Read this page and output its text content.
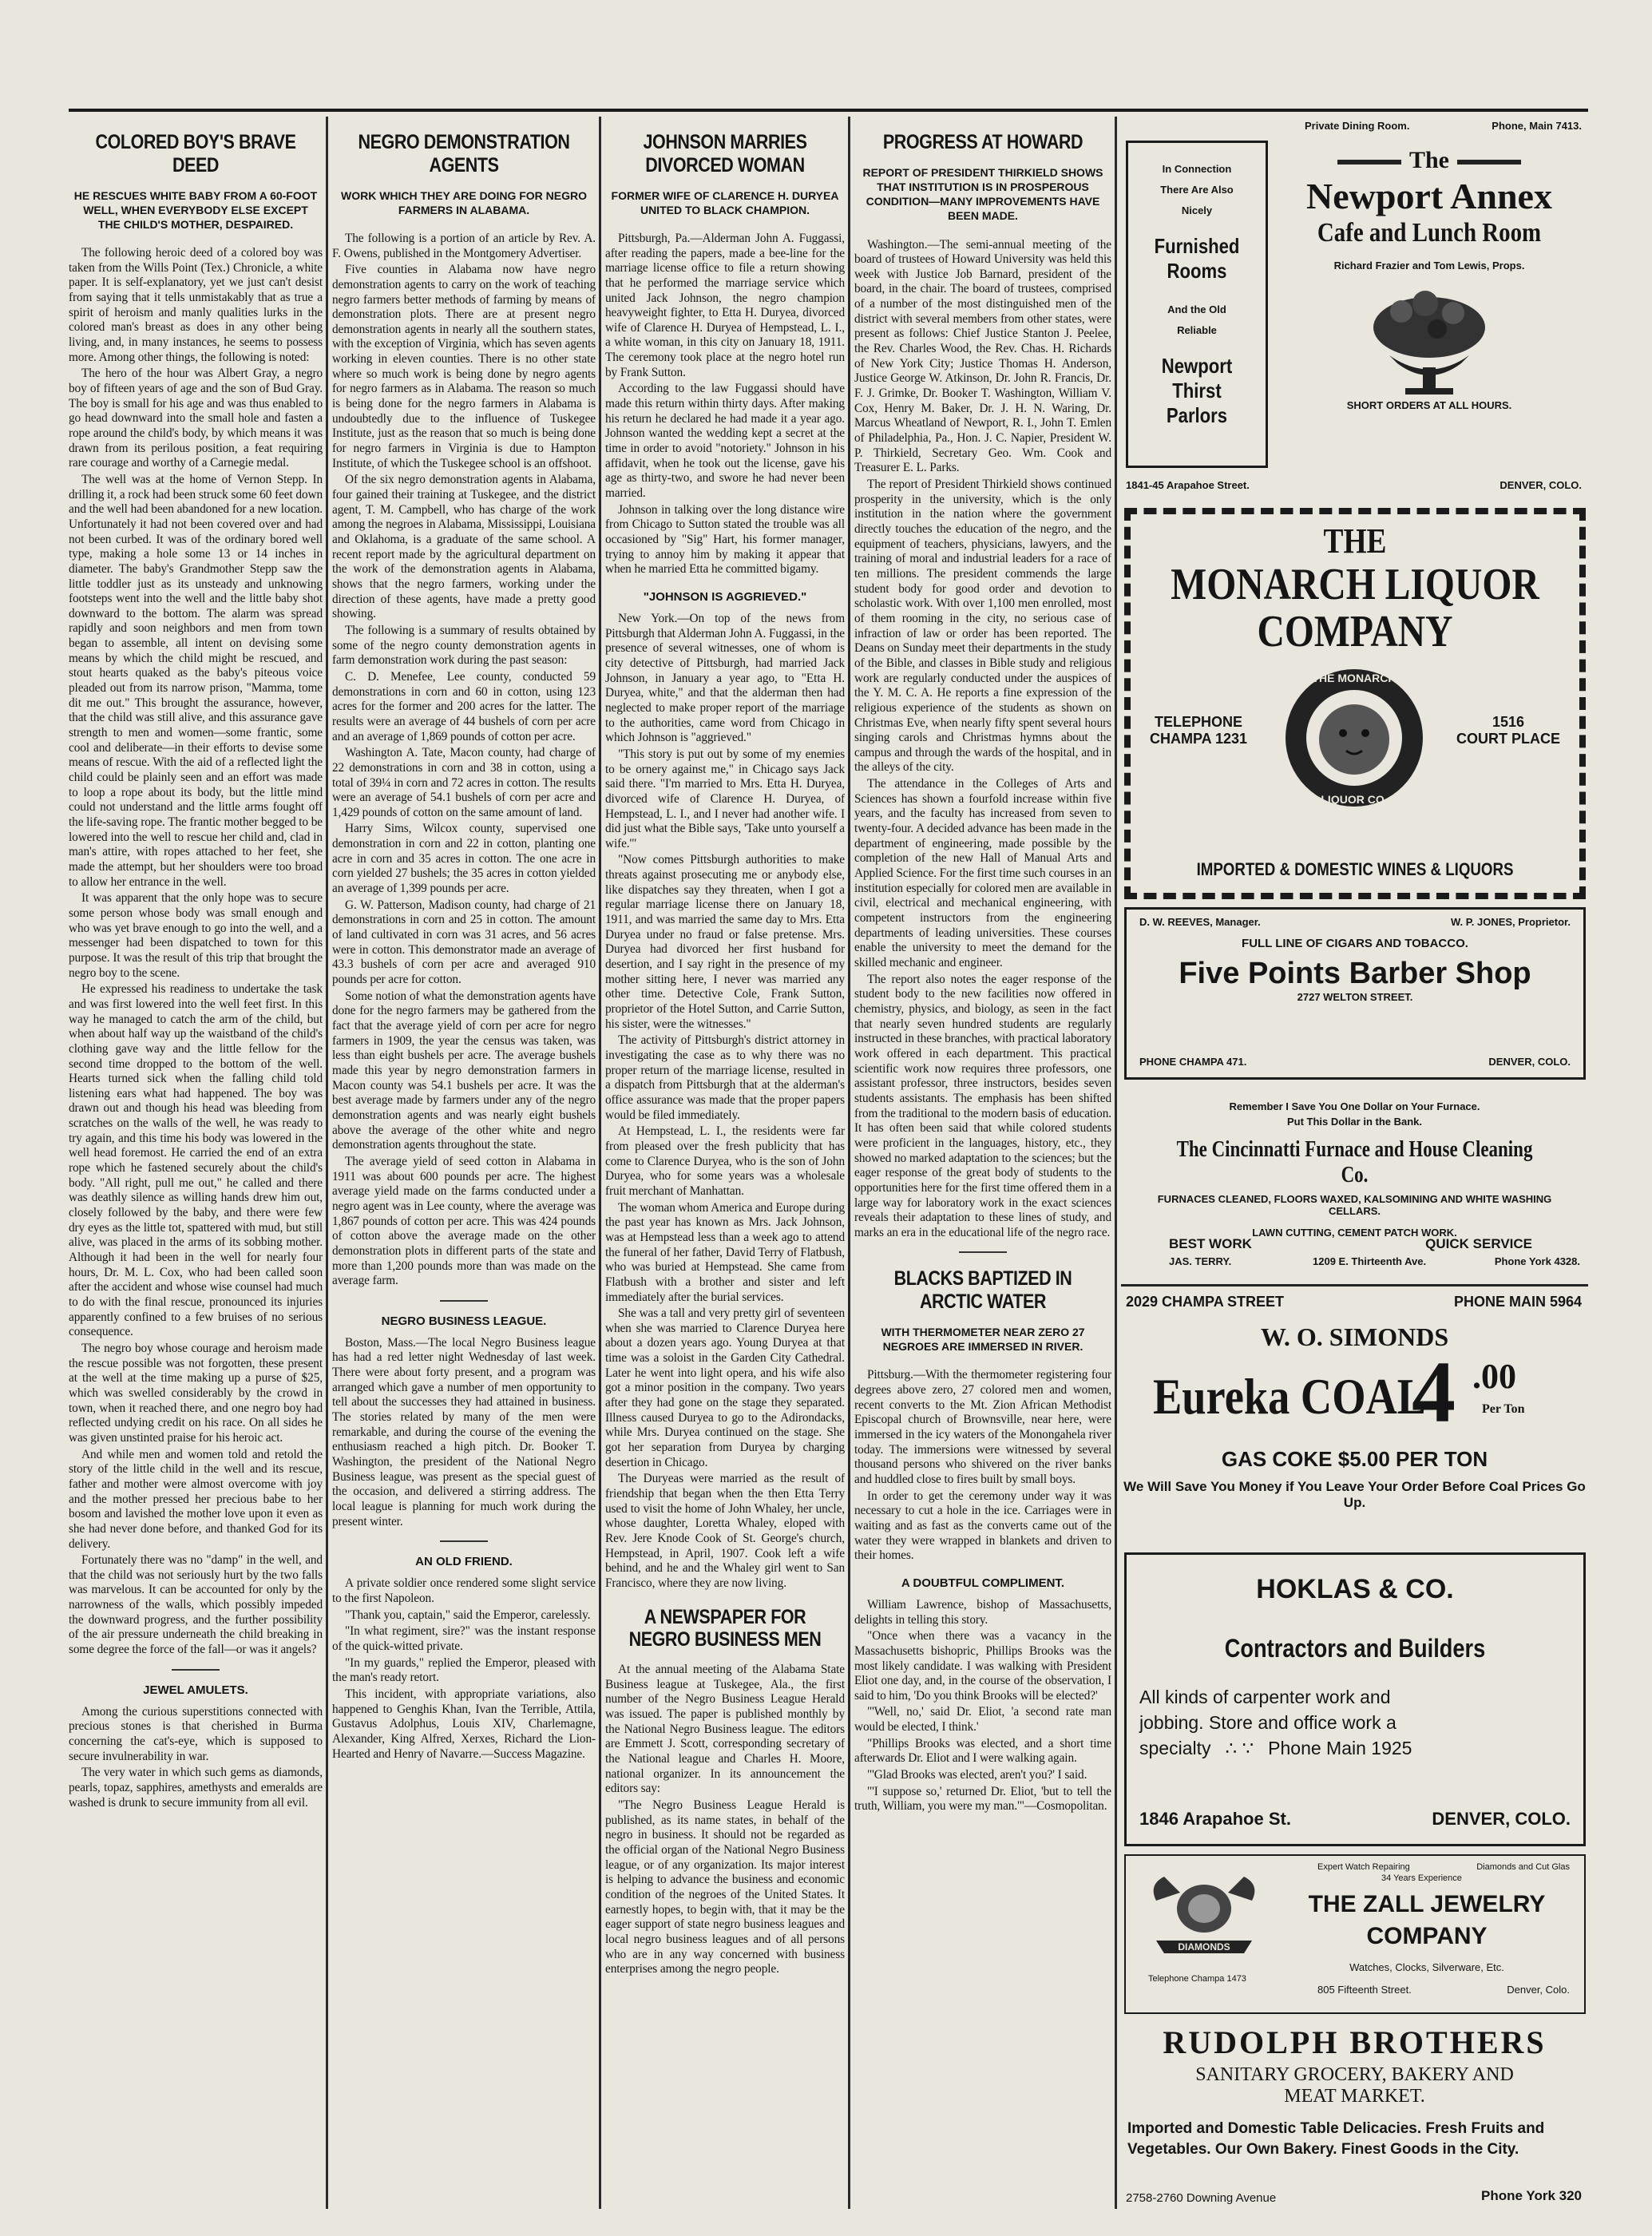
COLORED BOY'S BRAVE DEED
HE RESCUES WHITE BABY FROM A 60-FOOT WELL, WHEN EVERYBODY ELSE EXCEPT THE CHILD'S MOTHER, DESPAIRED.

The following heroic deed of a colored boy was taken from the Wills Point (Tex.) Chronicle, a white paper. It is self-explanatory, yet we just can't desist from saying that it tells unmistakably that as true a spirit of heroism and manly qualities lurks in the colored man's breast as does in any other being living, and, in many instances, he seems to possess more. Among other things, the following is noted:

The hero of the hour was Albert Gray, a negro boy of fifteen years of age and the son of Bud Gray. The boy is small for his age and was thus enabled to go head downward into the small hole and fasten a rope around the child's body, by which means it was drawn from its perilous position, a feat requiring rare courage and worthy of a Carnegie medal.

The well was at the home of Vernon Stepp. In drilling it, a rock had been struck some 60 feet down and the well had been abandoned for a new location. Unfortunately it had not been covered over and had not been curbed. It was of the ordinary bored well type, making a hole some 13 or 14 inches in diameter. The baby's Grandmother Stepp saw the little toddler just as its unsteady and unknowing footsteps went into the well and the little baby shot downward to the bottom. The alarm was spread rapidly and soon neighbors and men from town began to assemble, all intent on devising some means by which the child might be rescued, and stout hearts quaked as the baby's piteous voice pleaded out from its narrow prison, "Mamma, tome dit me out." This brought the assurance, however, that the child was still alive, and this assurance gave strength to men and women—some frantic, some cool and deliberate—in their efforts to devise some means of rescue. With the aid of a reflected light the child could be plainly seen and an effort was made to loop a rope about its body, but the little mind could not understand and the little arms fought off the life-saving rope. The frantic mother begged to be lowered into the well to rescue her child and, clad in man's attire, with ropes attached to her feet, she made the attempt, but her shoulders were too broad to allow her entrance in the well.

It was apparent that the only hope was to secure some person whose body was small enough and who was yet brave enough to go into the well, and a messenger had been dispatched to town for this purpose. It was the result of this trip that brought the negro boy to the scene.

He expressed his readiness to undertake the task and was first lowered into the well feet first. In this way he managed to catch the arm of the child, but when about half way up the waistband of the child's clothing gave way and the little fellow for the second time dropped to the bottom of the well. Hearts turned sick when the falling child told listening ears what had happened. The boy was drawn out and though his head was bleeding from scratches on the walls of the well, he was ready to try again, and this time his body was lowered in the well head foremost. He carried the end of an extra rope which he fastened securely about the child's body. "All right, pull me out," he called and there was deathly silence as willing hands drew him out, closely followed by the baby, and there were few dry eyes as the little tot, spattered with mud, but still alive, was placed in the arms of its sobbing mother. Although it had been in the well for nearly four hours, Dr. M. L. Cox, who had been called soon after the accident and whose wise counsel had much to do with the final rescue, pronounced its injuries apparently confined to a few bruises of no serious consequence.

The negro boy whose courage and heroism made the rescue possible was not forgotten, these present at the well at the time making up a purse of $25, which was swelled considerably by the crowd in town, when it reached there, and one negro boy had reflected undying credit on his race. On all sides he was given unstinted praise for his heroic act.

And while men and women told and retold the story of the little child in the well and its rescue, father and mother were almost overcome with joy and the mother pressed her precious babe to her bosom and lavished the mother love upon it even as she had never done before, and thanked God for its delivery.

Fortunately there was no "damp" in the well, and that the child was not seriously hurt by the two falls was marvelous. It can be accounted for only by the narrowness of the walls, which possibly impeded the downward progress, and the further possibility of the air pressure underneath the child breaking in some degree the force of the fall—or was it angels?

JEWEL AMULETS.

Among the curious superstitions connected with precious stones is that cherished in Burma concerning the cat's-eye, which is supposed to secure invulnerability in war.

The very water in which such gems as diamonds, pearls, topaz, sapphires, amethysts and emeralds are washed is drunk to secure immunity from all evil.

NEGRO DEMONSTRATION AGENTS
WORK WHICH THEY ARE DOING FOR NEGRO FARMERS IN ALABAMA.

The following is a portion of an article by Rev. A. F. Owens, published in the Montgomery Advertiser.

Five counties in Alabama now have negro demonstration agents to carry on the work of teaching negro farmers better methods of farming by means of demonstration plots. There are at present negro demonstration agents in nearly all the southern states, with the exception of Virginia, which has seven agents working in eleven counties. There is no other state where so much work is being done by negro agents for negro farmers as in Alabama. The reason so much is being done for the negro farmers in Alabama is undoubtedly due to the influence of Tuskegee Institute, just as the reason that so much is being done for negro farmers in Virginia is due to Hampton Institute, of which the Tuskegee school is an offshoot.

Of the six negro demonstration agents in Alabama, four gained their training at Tuskegee, and the district agent, T. M. Campbell, who has charge of the work among the negroes in Alabama, Mississippi, Louisiana and Oklahoma, is a graduate of the same school. A recent report made by the agricultural department on the work of the demonstration agents in Alabama, shows that the negro farmers, working under the direction of these agents, have made a pretty good showing.

The following is a summary of results obtained by some of the negro county demonstration agents in farm demonstration work during the past season:

C. D. Menefee, Lee county, conducted 59 demonstrations in corn and 60 in cotton, using 123 acres for the former and 200 acres for the latter. The results were an average of 44 bushels of corn per acre and an average of 1,869 pounds of cotton per acre.

Washington A. Tate, Macon county, had charge of 22 demonstrations in corn and 38 in cotton, using a total of 39¼ in corn and 72 acres in cotton. The results were an average of 54.1 bushels of corn per acre and 1,429 pounds of cotton on the same amount of land.

Harry Sims, Wilcox county, supervised one demonstration in corn and 22 in cotton, planting one acre in corn and 35 acres in cotton. The one acre in corn yielded 27 bushels; the 35 acres in cotton yielded an average of 1,399 pounds per acre.

G. W. Patterson, Madison county, had charge of 21 demonstrations in corn and 25 in cotton. The amount of land cultivated in corn was 31 acres, and 56 acres were in cotton. This demonstrator made an average of 43.3 bushels of corn per acre and averaged 910 pounds per acre for cotton.

Some notion of what the demonstration agents have done for the negro farmers may be gathered from the fact that the average yield of corn per acre for negro farmers in 1909, the year the census was taken, was less than eight bushels per acre. The average bushels made this year by negro demonstration farmers in Macon county was 54.1 bushels per acre. It was the best average made by farmers under any of the negro demonstration agents and was nearly eight bushels above the average of the other white and negro demonstration agents throughout the state.

The average yield of seed cotton in Alabama in 1911 was about 600 pounds per acre. The highest average yield made on the farms conducted under a negro agent was in Lee county, where the average was 1,867 pounds of cotton per acre. This was 424 pounds of cotton above the average made on the other demonstration plots in different parts of the state and more than 1,200 pounds more than was made on the average farm.

NEGRO BUSINESS LEAGUE.

Boston, Mass.—The local Negro Business league has had a red letter night Wednesday of last week. There were about forty present, and a program was arranged which gave a number of men opportunity to tell about the successes they had attained in business. The stories related by many of the men were remarkable, and during the course of the evening the enthusiasm reached a high pitch. Dr. Booker T. Washington, the president of the National Negro Business league, was present as the special guest of the occasion, and delivered a stirring address. The local league is planning for much work during the present winter.

AN OLD FRIEND.

A private soldier once rendered some slight service to the first Napoleon.

"Thank you, captain," said the Emperor, carelessly.

"In what regiment, sire?" was the instant response of the quick-witted private.

"In my guards," replied the Emperor, pleased with the man's ready retort.

This incident, with appropriate variations, also happened to Genghis Khan, Ivan the Terrible, Attila, Gustavus Adolphus, Louis XIV, Charlemagne, Alexander, King Alfred, Xerxes, Richard the Lion-Hearted and Henry of Navarre.—Success Magazine.

JOHNSON MARRIES DIVORCED WOMAN
FORMER WIFE OF CLARENCE H. DURYEA UNITED TO BLACK CHAMPION.

Pittsburgh, Pa.—Alderman John A. Fuggassi, after reading the papers, made a bee-line for the marriage license office to file a return showing that he performed the marriage service which united Jack Johnson, the negro champion heavyweight fighter, to Etta H. Duryea, divorced wife of Clarence H. Duryea of Hempstead, L. I., a white woman, in this city on January 18, 1911. The ceremony took place at the negro hotel run by Frank Sutton.

According to the law Fuggassi should have made this return within thirty days. After making his return he declared he had made it a year ago. Johnson wanted the wedding kept a secret at the time in order to avoid "notoriety." Johnson in his affidavit, when he took out the license, gave his age as thirty-two, and swore he had never been married.

Johnson in talking over the long distance wire from Chicago to Sutton stated the trouble was all occasioned by "Sig" Hart, his former manager, trying to annoy him by making it appear that when he married Etta he committed bigamy.

"JOHNSON IS AGGRIEVED."

New York.—On top of the news from Pittsburgh that Alderman John A. Fuggassi, in the presence of several witnesses, one of whom is city detective of Pittsburgh, had married Jack Johnson, in January a year ago, to "Etta H. Duryea, white," and that the alderman then had neglected to make proper report of the marriage to the authorities, came word from Chicago in which Johnson is "aggrieved."

"This story is put out by some of my enemies to be ornery against me," in Chicago says Jack said there. "I'm married to Mrs. Etta H. Duryea, divorced wife of Clarence H. Duryea, of Hempstead, L. I., and I never had another wife. I did just what the Bible says, 'Take unto yourself a wife.'"

"Now comes Pittsburgh authorities to make threats against prosecuting me or anybody else, like dispatches say they threaten, when I got a regular marriage license there on January 18, 1911, and was married the same day to Mrs. Etta Duryea under no fraud or false pretense. Mrs. Duryea had divorced her first husband for desertion, and I say right in the presence of my mother sitting here, I never was married any other time. Detective Cole, Frank Sutton, proprietor of the Hotel Sutton, and Carrie Sutton, his sister, were the witnesses."

The activity of Pittsburgh's district attorney in investigating the case as to why there was no proper return of the marriage license, resulted in a dispatch from Pittsburgh that at the alderman's office assurance was made that the proper papers would be filed immediately.

At Hempstead, L. I., the residents were far from pleased over the fresh publicity that has come to Clarence Duryea, who is the son of John Duryea, who for some years was a wholesale fruit merchant of Manhattan.

The woman whom America and Europe during the past year has known as Mrs. Jack Johnson, was at Hempstead less than a week ago to attend the funeral of her father, David Terry of Flatbush, who was buried at Hempstead. She came from Flatbush with a brother and sister and left immediately after the burial services.

She was a tall and very pretty girl of seventeen when she was married to Clarence Duryea here about a dozen years ago. Young Duryea at that time was a soloist in the Garden City Cathedral. Later he went into light opera, and his wife also got a minor position in the company. Two years after they had gone on the stage they separated. Illness caused Duryea to go to the Adirondacks, while Mrs. Duryea continued on the stage. She got her separation from Duryea by charging desertion in Chicago.

The Duryeas were married as the result of friendship that began when the then Etta Terry used to visit the home of John Whaley, her uncle, whose daughter, Loretta Whaley, eloped with Rev. Jere Knode Cook of St. George's church, Hempstead, in April, 1907. Cook left a wife behind, and he and the Whaley girl went to San Francisco, where they are now living.

A NEWSPAPER FOR NEGRO BUSINESS MEN

At the annual meeting of the Alabama State Business league at Tuskegee, Ala., the first number of the Negro Business League Herald was issued. The paper is published monthly by the National Negro Business league. The editors are Emmett J. Scott, corresponding secretary of the National league and Charles H. Moore, national organizer. In its announcement the editors say:

"The Negro Business League Herald is published, as its name states, in behalf of the negro in business. It should not be regarded as the official organ of the National Negro Business league, or of any organization. Its major interest is helping to advance the business and economic condition of the negroes of the United States. It earnestly hopes, to begin with, that it may be the eager support of state negro business leagues and local negro business leagues and of all persons who are in any way concerned with business enterprises among the negro people.

PROGRESS AT HOWARD
REPORT OF PRESIDENT THIRKIELD SHOWS THAT INSTITUTION IS IN PROSPEROUS CONDITION—MANY IMPROVEMENTS HAVE BEEN MADE.

Washington.—The semi-annual meeting of the board of trustees of Howard University was held this week with Justice Job Barnard, president of the board, in the chair. The board of trustees, comprised of a number of the most distinguished men of the district with several members from other states, were present as follows: Chief Justice Stanton J. Peelee, the Rev. Charles Wood, the Rev. Chas. H. Richards of New York City; Justice Thomas H. Anderson, Justice George W. Atkinson, Dr. John R. Francis, Dr. F. J. Grimke, Dr. Booker T. Washington, William V. Cox, Henry M. Baker, Dr. J. H. N. Waring, Dr. Marcus Wheatland of Newport, R. I., John T. Emlen of Philadelphia, Pa., Hon. J. C. Napier, President W. P. Thirkield, Secretary Geo. Wm. Cook and Treasurer E. L. Parks.

The report of President Thirkield shows continued prosperity in the university, which is the only institution in the nation where the government directly touches the education of the negro, and the equipment of teachers, physicians, lawyers, and the training of moral and industrial leaders for a race of ten millions. The president commends the large student body for good order and devotion to scholastic work. With over 1,100 men enrolled, most of them rooming in the city, no serious case of infraction of law or order has been reported. The Deans on Sunday meet their departments in the study of the Bible, and classes in Bible study and religious work are regularly conducted under the auspices of the Y. M. C. A. He reports a fine expression of the religious experience of the students as shown on Christmas Eve, when nearly fifty spent several hours singing carols and Christmas hymns about the campus and through the wards of the hospital, and in the alleys of the city.

The attendance in the Colleges of Arts and Sciences has shown a fourfold increase within five years, and the faculty has increased from seven to twenty-four. A decided advance has been made in the department of engineering, made possible by the completion of the new Hall of Manual Arts and Applied Science. For the first time such courses in an institution especially for colored men are available in civil, electrical and mechanical engineering, with competent instructors from the engineering departments of leading universities. These courses enable the university to meet the demand for the skilled mechanic and engineer.

The report also notes the eager response of the student body to the new facilities now offered in chemistry, physics, and biology, as seen in the fact that nearly seven hundred students are regularly instructed in these branches, with practical laboratory work offered in each department. This practical scientific work now requires three professors, one assistant professor, three instructors, besides seven students assistants. The emphasis has been shifted from the traditional to the modern basis of education. It has often been said that while colored students were proficient in the languages, history, etc., they showed no marked adaptation to the sciences; but the eager response of the great body of students to the opportunities here for the first time offered them in a large way for laboratory work in the exact sciences reveals their adaptation to these lines of study, and marks an era in the educational life of the negro race.

BLACKS BAPTIZED IN ARCTIC WATER
WITH THERMOMETER NEAR ZERO 27 NEGROES ARE IMMERSED IN RIVER.

Pittsburg.—With the thermometer registering four degrees above zero, 27 colored men and women, recent converts to the Mt. Zion African Methodist Episcopal church of Brownsville, near here, were immersed in the icy waters of the Monongahela river today. The immersions were witnessed by several thousand persons who shivered on the river banks and huddled close to fires built by small boys.

In order to get the ceremony under way it was necessary to cut a hole in the ice. Carriages were in waiting and as fast as the converts came out of the water they were wrapped in blankets and driven to their homes.

A DOUBTFUL COMPLIMENT.

William Lawrence, bishop of Massachusetts, delights in telling this story.

"Once when there was a vacancy in the Massachusetts bishopric, Phillips Brooks was the most likely candidate. I was walking with President Eliot one day, and, in the course of the observation, I said to him, 'Do you think Brooks will be elected?'

"'Well, no,' said Dr. Eliot, 'a second rate man would be elected, I think.'

"Phillips Brooks was elected, and a short time afterwards Dr. Eliot and I were walking again.

"'Glad Brooks was elected, aren't you?' I said.

"'I suppose so,' returned Dr. Eliot, 'but to tell the truth, William, you were my man.'"—Cosmopolitan.

Private Dining Room.	Phone, Main 7413.
In Connection
There Are Also
Nicely
Furnished
Rooms
And the Old
Reliable
Newport Thirst
Parlors
The
Newport Annex
Cafe and Lunch Room
Richard Frazier and Tom Lewis, Props.
SHORT ORDERS AT ALL HOURS.
1841-45 Arapahoe Street.	DENVER, COLO.
THE
MONARCH LIQUOR
COMPANY
TELEPHONE
CHAMPA 1231
1516
COURT PLACE
THE MONARCH
LIQUOR CO.
IMPORTED & DOMESTIC WINES & LIQUORS
D. W. REEVES, Manager.	W. P. JONES, Proprietor.
FULL LINE OF CIGARS AND TOBACCO.
Five Points Barber Shop
2727 WELTON STREET.
PHONE CHAMPA 471.	DENVER, COLO.
Remember I Save You One Dollar on Your Furnace.
Put This Dollar in the Bank.
The Cincinnatti Furnace and House Cleaning Co.
FURNACES CLEANED, FLOORS WAXED, KALSOMINING AND WHITE WASHING CELLARS.
LAWN CUTTING, CEMENT PATCH WORK.
BEST WORK	QUICK SERVICE
JAS. TERRY.	1209 E. Thirteenth Ave.	Phone York 4328.
2029 CHAMPA STREET	PHONE MAIN 5964
W. O. SIMONDS
Eureka COAL
4 .00
Per Ton
GAS COKE $5.00 PER TON
We Will Save You Money if You Leave Your Order Before Coal Prices Go Up.
HOKLAS & CO.
Contractors and Builders
All kinds of carpenter work and
jobbing. Store and office work a
specialty ∴ ∵ Phone Main 1925
1846 Arapahoe St.	DENVER, COLO.
DIAMONDS
Telephone Champa 1473
Expert Watch Repairing	Diamonds and Cut Glas
34 Years Experience
THE ZALL JEWELRY
COMPANY
Watches, Clocks, Silverware, Etc.
805 Fifteenth Street.	Denver, Colo.
RUDOLPH BROTHERS
SANITARY GROCERY, BAKERY AND
MEAT MARKET.
Imported and Domestic Table Delicacies. Fresh Fruits and Vegetables. Our Own Bakery. Finest Goods in the City.
2758-2760 Downing Avenue	Phone York 320
